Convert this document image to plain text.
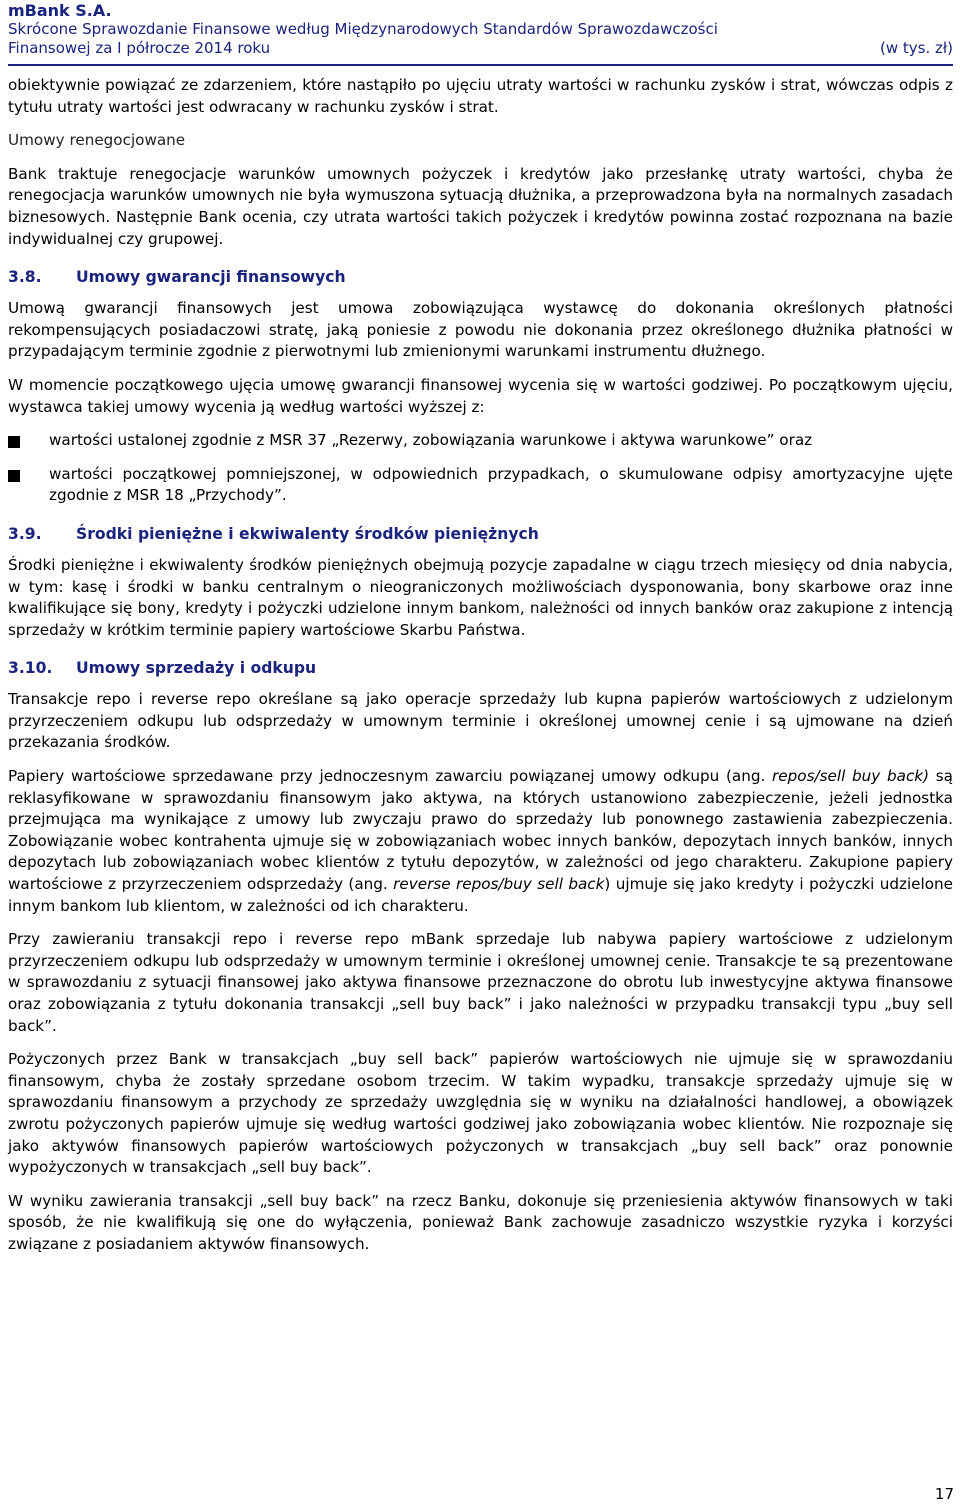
mBank S.A.
Skrócone Sprawozdanie Finansowe według Międzynarodowych Standardów Sprawozdawczości
Finansowej za I półrocze 2014 roku	(w tys. zł)

obiektywnie powiązać ze zdarzeniem, które nastąpiło po ujęciu utraty wartości w rachunku zysków i strat, wówczas odpis z tytułu utraty wartości jest odwracany w rachunku zysków i strat.

Umowy renegocjowane

Bank traktuje renegocjacje warunków umownych pożyczek i kredytów jako przesłankę utraty wartości, chyba że renegocjacja warunków umownych nie była wymuszona sytuacją dłużnika, a przeprowadzona była na normalnych zasadach biznesowych. Następnie Bank ocenia, czy utrata wartości takich pożyczek i kredytów powinna zostać rozpoznana na bazie indywidualnej czy grupowej.

3.8.	Umowy gwarancji finansowych

Umową gwarancji finansowych jest umowa zobowiązująca wystawcę do dokonania określonych płatności rekompensujących posiadaczowi stratę, jaką poniesie z powodu nie dokonania przez określonego dłużnika płatności w przypadającym terminie zgodnie z pierwotnymi lub zmienionymi warunkami instrumentu dłużnego.

W momencie początkowego ujęcia umowę gwarancji finansowej wycenia się w wartości godziwej. Po początkowym ujęciu, wystawca takiej umowy wycenia ją według wartości wyższej z:

wartości ustalonej zgodnie z MSR 37 „Rezerwy, zobowiązania warunkowe i aktywa warunkowe” oraz

wartości początkowej pomniejszonej, w odpowiednich przypadkach, o skumulowane odpisy amortyzacyjne ujęte zgodnie z MSR 18 „Przychody”.

3.9.	Środki pieniężne i ekwiwalenty środków pieniężnych

Środki pieniężne i ekwiwalenty środków pieniężnych obejmują pozycje zapadalne w ciągu trzech miesięcy od dnia nabycia, w tym: kasę i środki w banku centralnym o nieograniczonych możliwościach dysponowania, bony skarbowe oraz inne kwalifikujące się bony, kredyty i pożyczki udzielone innym bankom, należności od innych banków oraz zakupione z intencją sprzedaży w krótkim terminie papiery wartościowe Skarbu Państwa.

3.10.	Umowy sprzedaży i odkupu

Transakcje repo i reverse repo określane są jako operacje sprzedaży lub kupna papierów wartościowych z udzielonym przyrzeczeniem odkupu lub odsprzedaży w umownym terminie i określonej umownej cenie i są ujmowane na dzień przekazania środków.

Papiery wartościowe sprzedawane przy jednoczesnym zawarciu powiązanej umowy odkupu (ang. repos/sell buy back) są reklasyfikowane w sprawozdaniu finansowym jako aktywa, na których ustanowiono zabezpieczenie, jeżeli jednostka przejmująca ma wynikające z umowy lub zwyczaju prawo do sprzedaży lub ponownego zastawienia zabezpieczenia. Zobowiązanie wobec kontrahenta ujmuje się w zobowiązaniach wobec innych banków, depozytach innych banków, innych depozytach lub zobowiązaniach wobec klientów z tytułu depozytów, w zależności od jego charakteru. Zakupione papiery wartościowe z przyrzeczeniem odsprzedaży (ang. reverse repos/buy sell back) ujmuje się jako kredyty i pożyczki udzielone innym bankom lub klientom, w zależności od ich charakteru.

Przy zawieraniu transakcji repo i reverse repo mBank sprzedaje lub nabywa papiery wartościowe z udzielonym przyrzeczeniem odkupu lub odsprzedaży w umownym terminie i określonej umownej cenie. Transakcje te są prezentowane w sprawozdaniu z sytuacji finansowej jako aktywa finansowe przeznaczone do obrotu lub inwestycyjne aktywa finansowe oraz zobowiązania z tytułu dokonania transakcji „sell buy back” i jako należności w przypadku transakcji typu „buy sell back”.

Pożyczonych przez Bank w transakcjach „buy sell back” papierów wartościowych nie ujmuje się w sprawozdaniu finansowym, chyba że zostały sprzedane osobom trzecim. W takim wypadku, transakcje sprzedaży ujmuje się w sprawozdaniu finansowym a przychody ze sprzedaży uwzględnia się w wyniku na działalności handlowej, a obowiązek zwrotu pożyczonych papierów ujmuje się według wartości godziwej jako zobowiązania wobec klientów. Nie rozpoznaje się jako aktywów finansowych papierów wartościowych pożyczonych w transakcjach „buy sell back” oraz ponownie wypożyczonych w transakcjach „sell buy back”.

W wyniku zawierania transakcji „sell buy back” na rzecz Banku, dokonuje się przeniesienia aktywów finansowych w taki sposób, że nie kwalifikują się one do wyłączenia, ponieważ Bank zachowuje zasadniczo wszystkie ryzyka i korzyści związane z posiadaniem aktywów finansowych.

17
